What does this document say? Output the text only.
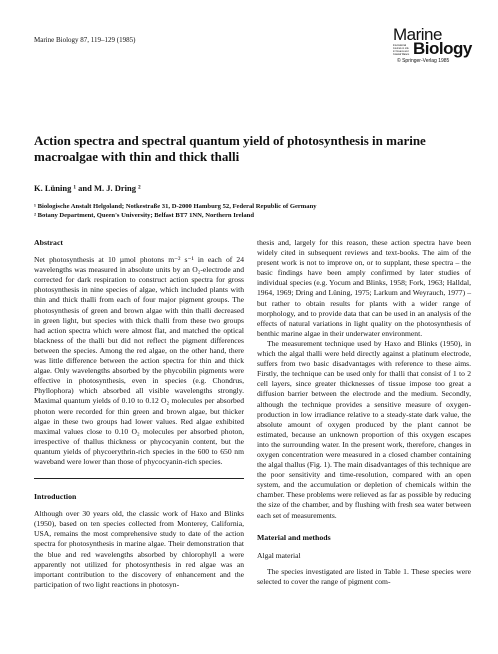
Marine Biology 87, 119–129 (1985)	Marine
International Journal on Life in Oceans and Coastal Waters Biology
© Springer-Verlag 1985
Action spectra and spectral quantum yield of photosynthesis in marine macroalgae with thin and thick thalli
K. Lüning ¹ and M. J. Dring ²
¹ Biologische Anstalt Helgoland; Notkestraße 31, D-2000 Hamburg 52, Federal Republic of Germany
² Botany Department, Queen's University; Belfast BT7 1NN, Northern Ireland
Abstract

Net photosynthesis at 10 µmol photons m⁻² s⁻¹ in each of 24 wavelengths was measured in absolute units by an O₂-electrode and corrected for dark respiration to construct action spectra for gross photosynthesis in nine species of algae, which included plants with thin and thick thalli from each of four major pigment groups. The photosynthesis of green and brown algae with thin thalli decreased in green light, but species with thick thalli from these two groups had action spectra which were almost flat, and matched the optical blackness of the thalli but did not reflect the pigment differences between the species. Among the red algae, on the other hand, there was little difference between the action spectra for thin and thick algae. Only wavelengths absorbed by the phycobilin pigments were effective in photosynthesis, even in species (e.g. Chondrus, Phyllophora) which absorbed all visible wavelengths strongly. Maximal quantum yields of 0.10 to 0.12 O₂ molecules per absorbed photon were recorded for thin green and brown algae, but thicker algae in these two groups had lower values. Red algae exhibited maximal values close to 0.10 O₂ molecules per absorbed photon, irrespective of thallus thickness or phycocyanin content, but the quantum yields of phycoerythrin-rich species in the 600 to 650 nm waveband were lower than those of phycocyanin-rich species.

Introduction

Although over 30 years old, the classic work of Haxo and Blinks (1950), based on ten species collected from Monterey, California, USA, remains the most comprehensive study to date of the action spectra for photosynthesis in marine algae. Their demonstration that the blue and red wavelengths absorbed by chlorophyll a were apparently not utilized for photosynthesis in red algae was an important contribution to the discovery of enhancement and the participation of two light reactions in photosyn-

thesis and, largely for this reason, these action spectra have been widely cited in subsequent reviews and text-books. The aim of the present work is not to improve on, or to supplant, these spectra – the basic findings have been amply confirmed by later studies of individual species (e.g. Yocum and Blinks, 1958; Fork, 1963; Halldal, 1964, 1969; Dring and Lüning, 1975; Larkum and Weyrauch, 1977) – but rather to obtain results for plants with a wider range of morphology, and to provide data that can be used in an analysis of the effects of natural variations in light quality on the photosynthesis of benthic marine algae in their underwater environment.

The measurement technique used by Haxo and Blinks (1950), in which the algal thalli were held directly against a platinum electrode, suffers from two basic disadvantages with reference to these aims. Firstly, the technique can be used only for thalli that consist of 1 to 2 cell layers, since greater thicknesses of tissue impose too great a diffusion barrier between the electrode and the medium. Secondly, although the technique provides a sensitive measure of oxygen-production in low irradiance relative to a steady-state dark value, the absolute amount of oxygen produced by the plant cannot be estimated, because an unknown proportion of this oxygen escapes into the surrounding water. In the present work, therefore, changes in oxygen concentration were measured in a closed chamber containing the algal thallus (Fig. 1). The main disadvantages of this technique are the poor sensitivity and time-resolution, compared with an open system, and the accumulation or depletion of chemicals within the chamber. These problems were relieved as far as possible by reducing the size of the chamber, and by flushing with fresh sea water between each set of measurements.

Material and methods
Algal material

The species investigated are listed in Table 1. These species were selected to cover the range of pigment com-
